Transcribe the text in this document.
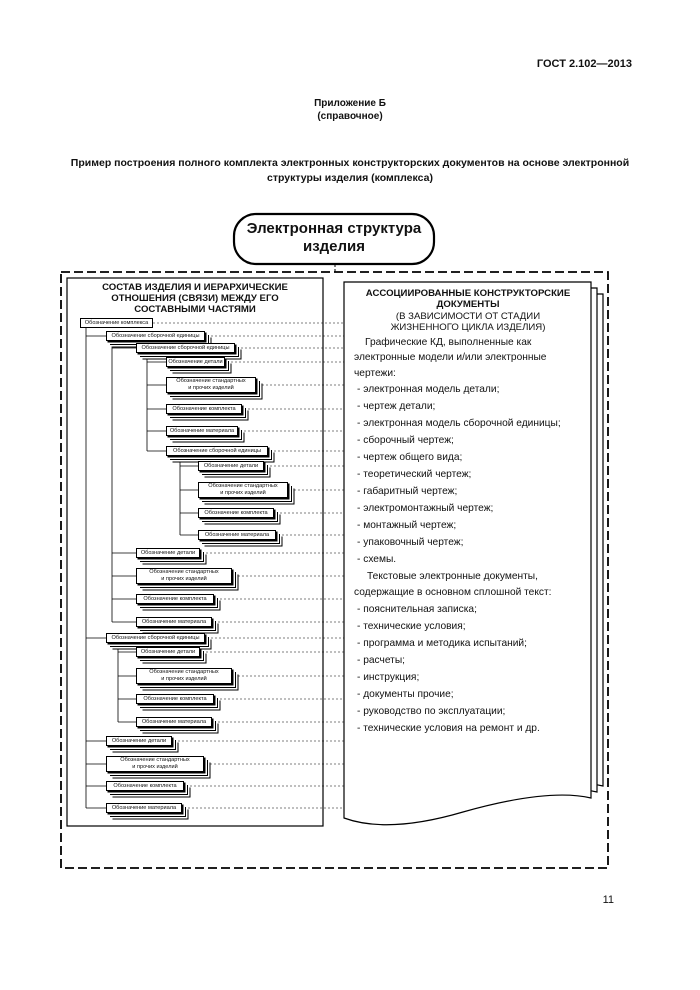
ГОСТ 2.102—2013
Приложение Б
(справочное)
Пример построения полного комплекта электронных конструкторских документов на основе электронной
структуры изделия (комплекса)
Электронная структура
изделия
СОСТАВ ИЗДЕЛИЯ И ИЕРАРХИЧЕСКИЕ
ОТНОШЕНИЯ (СВЯЗИ) МЕЖДУ ЕГО
СОСТАВНЫМИ ЧАСТЯМИ
Обозначение комплекса
Обозначение сборочной единицы
Обозначение сборочной единицы
Обозначение детали
Обозначение стандартных
и прочих изделий
Обозначение комплекта
Обозначение материала
Обозначение сборочной единицы
Обозначение детали
Обозначение стандартных
и прочих изделий
Обозначение комплекта
Обозначение материала
Обозначение детали
Обозначение стандартных
и прочих изделий
Обозначение комплекта
Обозначение материала
Обозначение сборочной единицы
Обозначение детали
Обозначение стандартных
и прочих изделий
Обозначение комплекта
Обозначение материала
Обозначение детали
Обозначение стандартных
и прочих изделий
Обозначение комплекта
Обозначение материала
АССОЦИИРОВАННЫЕ КОНСТРУКТОРСКИЕ
ДОКУМЕНТЫ
(В ЗАВИСИМОСТИ ОТ СТАДИИ
ЖИЗНЕННОГО ЦИКЛА ИЗДЕЛИЯ)
Графические КД, выполненные как
электронные модели и/или электронные
чертежи:
- электронная модель детали;
- чертеж детали;
- электронная модель сборочной единицы;
- сборочный чертеж;
- чертеж общего вида;
- теоретический чертеж;
- габаритный чертеж;
- электромонтажный чертеж;
- монтажный чертеж;
- упаковочный чертеж;
- схемы.
Текстовые электронные документы,
содержащие в основном сплошной текст:
- пояснительная записка;
- технические условия;
- программа и методика испытаний;
- расчеты;
- инструкция;
- документы прочие;
- руководство по эксплуатации;
- технические условия на ремонт и др.
11
